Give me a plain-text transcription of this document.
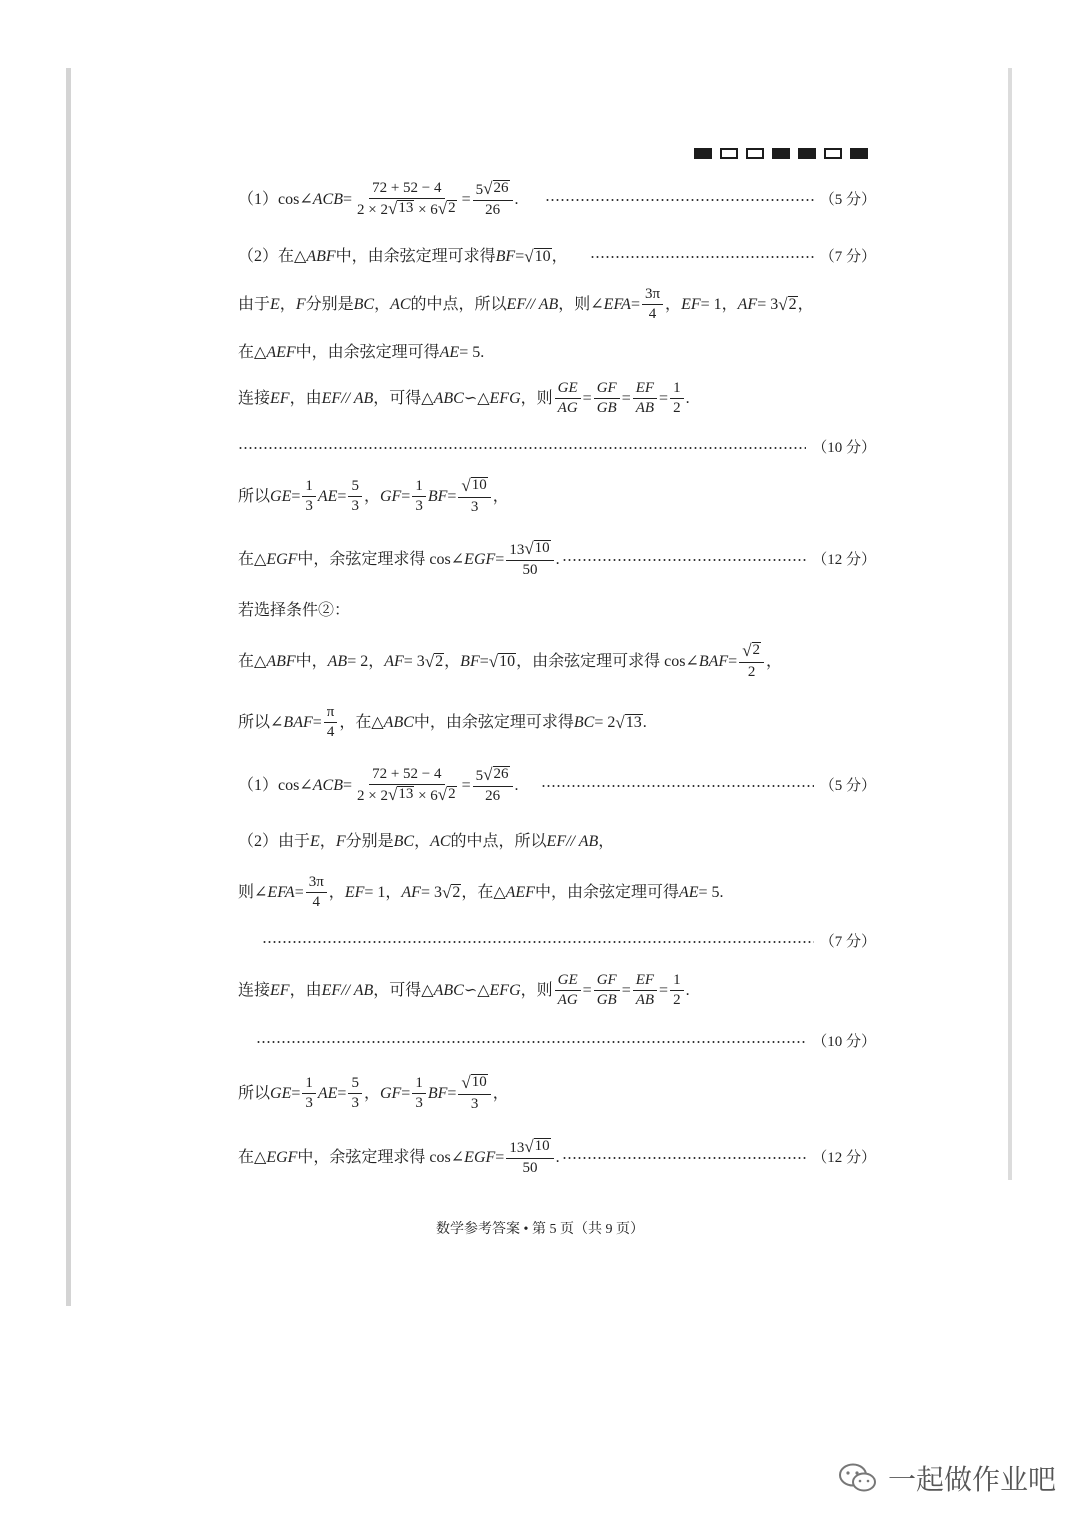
（1）cos∠ ACB = $\frac{72 + 52 - 4}{2 \times 2 √ 13 \times 6 √ 2} = \frac{5 √ 26}{26}$ .	（5 分）
（2）在△ ABF 中，由余弦定理可求得 BF = √ 10 ，	（7 分）
由于 E ， F 分别是 BC ， AC 的中点，所以 EF// AB ，则∠ EFA = $\frac{3\pi}{4}$ ， EF = 1， AF = 3 √ 2 ，
在△ AEF 中，由余弦定理可得 AE = 5.
连接 EF ，由 EF// AB ，可得△ ABC ∽△ EFG ，则 $\frac{GE}{AG} = \frac{GF}{GB} = \frac{EF}{AB} = \frac{1}{2}$ .
（10 分）
所以 GE = $\frac{1}{3}$ AE = $\frac{5}{3}$ ， GF = $\frac{1}{3}$ BF = $\frac{√ 10}{3}$ ，
在△ EGF 中，余弦定理求得 cos∠ EGF = $\frac{13 √ 10}{50}$ .	（12 分）
若选择条件②：
在△ ABF 中， AB = 2， AF = 3 √ 2 ， BF = √ 10 ，由余弦定理可求得 cos∠ BAF = $\frac{√ 2}{2}$ ，
所以∠ BAF = $\frac{\pi}{4}$ ，在△ ABC 中，由余弦定理可求得 BC = 2 √ 13 .
（1）cos∠ ACB = $\frac{72 + 52 - 4}{2 \times 2 √ 13 \times 6 √ 2} = \frac{5 √ 26}{26}$ .	（5 分）
（2）由于 E ， F 分别是 BC ， AC 的中点，所以 EF// AB ，
则∠ EFA = $\frac{3\pi}{4}$ ， EF = 1， AF = 3 √ 2 ，在△ AEF 中，由余弦定理可得 AE = 5.
（7 分）
连接 EF ，由 EF// AB ，可得△ ABC ∽△ EFG ，则 $\frac{GE}{AG} = \frac{GF}{GB} = \frac{EF}{AB} = \frac{1}{2}$ .
（10 分）
所以 GE = $\frac{1}{3}$ AE = $\frac{5}{3}$ ， GF = $\frac{1}{3}$ BF = $\frac{√ 10}{3}$ ，
在△ EGF 中，余弦定理求得 cos∠ EGF = $\frac{13 √ 10}{50}$ .	（12 分）
数学参考答案 • 第 5 页（共 9 页）
一起做作业吧
